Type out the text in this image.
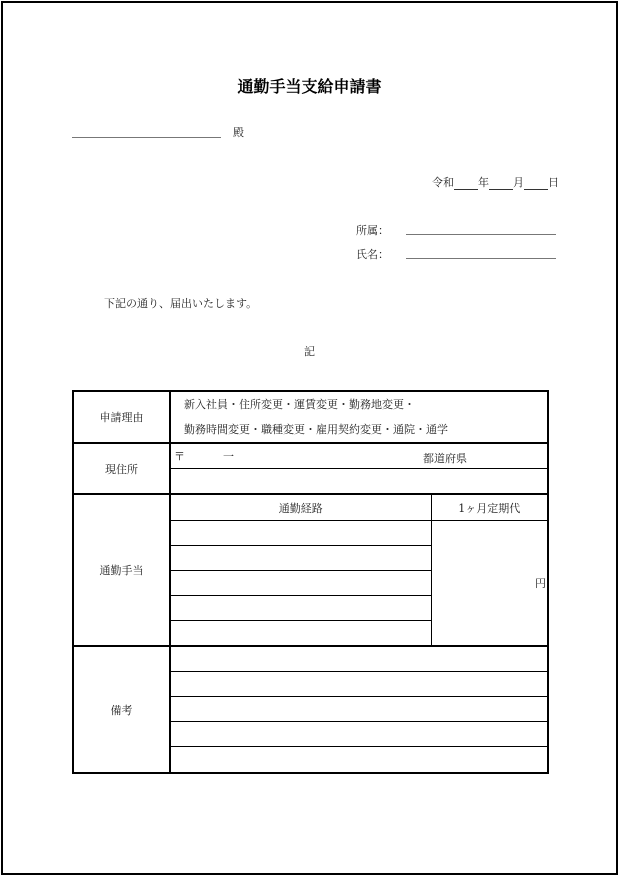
通勤手当支給申請書
殿
令和 年 月 日
所属：
氏名：
下記の通り、届出いたします。
記
申請理由	新入社員・住所変更・運賃変更・勤務地変更・
勤務時間変更・職種変更・雇用契約変更・通院・通学	

現住所	〒 一 都道府県	

通勤手当	通勤経路	1ヶ月定期代
		円

備考		
